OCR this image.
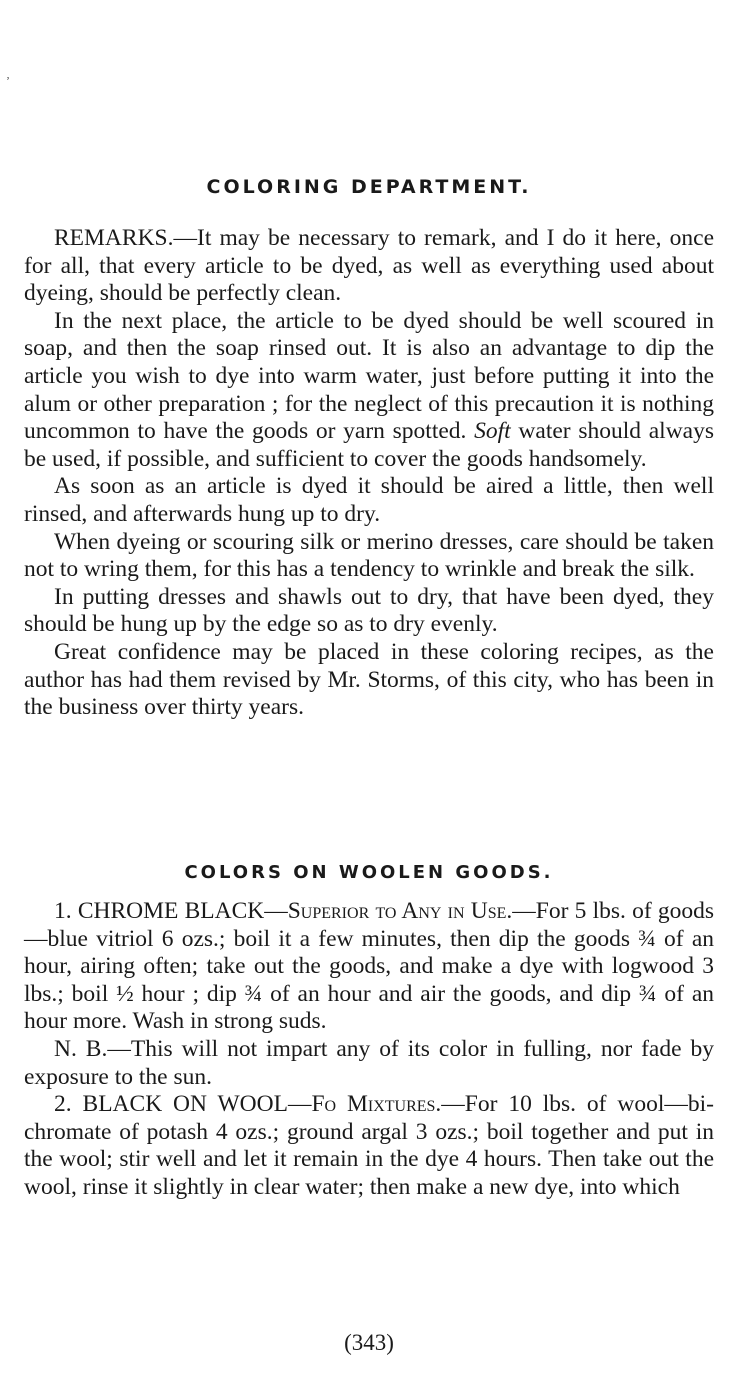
ʼ
COLORING DEPARTMENT.

REMARKS.—It may be necessary to remark, and I do it here, once for all, that every article to be dyed, as well as everything used about dyeing, should be perfectly clean.

In the next place, the article to be dyed should be well scoured in soap, and then the soap rinsed out. It is also an advantage to dip the article you wish to dye into warm water, just before putting it into the alum or other preparation ; for the neglect of this precaution it is nothing uncommon to have the goods or yarn spotted. Soft water should always be used, if possible, and sufficient to cover the goods handsomely.

As soon as an article is dyed it should be aired a little, then well rinsed, and afterwards hung up to dry.

When dyeing or scouring silk or merino dresses, care should be taken not to wring them, for this has a tendency to wrinkle and break the silk.

In putting dresses and shawls out to dry, that have been dyed, they should be hung up by the edge so as to dry evenly.

Great confidence may be placed in these coloring recipes, as the author has had them revised by Mr. Storms, of this city, who has been in the business over thirty years.

COLORS ON WOOLEN GOODS.

1. CHROME BLACK—Superior to Any in Use.—For 5 lbs. of goods—blue vitriol 6 ozs.; boil it a few minutes, then dip the goods ¾ of an hour, airing often; take out the goods, and make a dye with logwood 3 lbs.; boil ½ hour ; dip ¾ of an hour and air the goods, and dip ¾ of an hour more. Wash in strong suds.

N. B.—This will not impart any of its color in fulling, nor fade by exposure to the sun.

2. BLACK ON WOOL—Fo Mixtures.—For 10 lbs. of wool—bi-chromate of potash 4 ozs.; ground argal 3 ozs.; boil together and put in the wool; stir well and let it remain in the dye 4 hours. Then take out the wool, rinse it slightly in clear water; then make a new dye, into which

(343)
